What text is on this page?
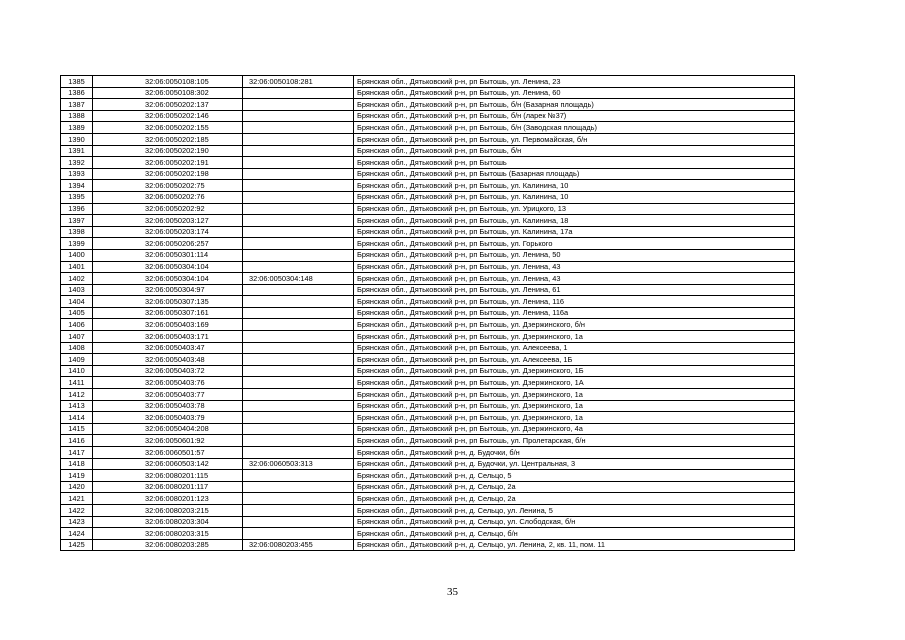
1385	32:06:0050108:105	32:06:0050108:281	Брянская обл., Дятьковский р-н, рп Бытошь, ул. Ленина, 23
1386	32:06:0050108:302		Брянская обл., Дятьковский р-н, рп Бытошь, ул. Ленина, 60
1387	32:06:0050202:137		Брянская обл., Дятьковский р-н, рп Бытошь, б/н (Базарная площадь)
1388	32:06:0050202:146		Брянская обл., Дятьковский р-н, рп Бытошь, б/н (ларек №37)
1389	32:06:0050202:155		Брянская обл., Дятьковский р-н, рп Бытошь, б/н (Заводская площадь)
1390	32:06:0050202:185		Брянская обл., Дятьковский р-н, рп Бытошь, ул. Первомайская, б/н
1391	32:06:0050202:190		Брянская обл., Дятьковский р-н, рп Бытошь, б/н
1392	32:06:0050202:191		Брянская обл., Дятьковский р-н, рп Бытошь
1393	32:06:0050202:198		Брянская обл., Дятьковский р-н, рп Бытошь (Базарная площадь)
1394	32:06:0050202:75		Брянская обл., Дятьковский р-н, рп Бытошь, ул. Калинина, 10
1395	32:06:0050202:76		Брянская обл., Дятьковский р-н, рп Бытошь, ул. Калинина, 10
1396	32:06:0050202:92		Брянская обл., Дятьковский р-н, рп Бытошь, ул. Урицкого, 13
1397	32:06:0050203:127		Брянская обл., Дятьковский р-н, рп Бытошь, ул. Калинина, 18
1398	32:06:0050203:174		Брянская обл., Дятьковский р-н, рп Бытошь, ул. Калинина, 17а
1399	32:06:0050206:257		Брянская обл., Дятьковский р-н, рп Бытошь, ул. Горького
1400	32:06:0050301:114		Брянская обл., Дятьковский р-н, рп Бытошь, ул. Ленина, 50
1401	32:06:0050304:104		Брянская обл., Дятьковский р-н, рп Бытошь, ул. Ленина, 43
1402	32:06:0050304:104	32:06:0050304:148	Брянская обл., Дятьковский р-н, рп Бытошь, ул. Ленина, 43
1403	32:06:0050304:97		Брянская обл., Дятьковский р-н, рп Бытошь, ул. Ленина, 61
1404	32:06:0050307:135		Брянская обл., Дятьковский р-н, рп Бытошь, ул. Ленина, 116
1405	32:06:0050307:161		Брянская обл., Дятьковский р-н, рп Бытошь, ул. Ленина, 116а
1406	32:06:0050403:169		Брянская обл., Дятьковский р-н, рп Бытошь, ул. Дзержинского, б/н
1407	32:06:0050403:171		Брянская обл., Дятьковский р-н, рп Бытошь, ул. Дзержинского, 1а
1408	32:06:0050403:47		Брянская обл., Дятьковский р-н, рп Бытошь, ул. Алексеева, 1
1409	32:06:0050403:48		Брянская обл., Дятьковский р-н, рп Бытошь, ул. Алексеева, 1Б
1410	32:06:0050403:72		Брянская обл., Дятьковский р-н, рп Бытошь, ул. Дзержинского, 1Б
1411	32:06:0050403:76		Брянская обл., Дятьковский р-н, рп Бытошь, ул. Дзержинского, 1А
1412	32:06:0050403:77		Брянская обл., Дятьковский р-н, рп Бытошь, ул. Дзержинского, 1а
1413	32:06:0050403:78		Брянская обл., Дятьковский р-н, рп Бытошь, ул. Дзержинского, 1а
1414	32:06:0050403:79		Брянская обл., Дятьковский р-н, рп Бытошь, ул. Дзержинского, 1а
1415	32:06:0050404:208		Брянская обл., Дятьковский р-н, рп Бытошь, ул. Дзержинского, 4а
1416	32:06:0050601:92		Брянская обл., Дятьковский р-н, рп Бытошь, ул. Пролетарская, б/н
1417	32:06:0060501:57		Брянская обл., Дятьковский р-н, д. Будочки, б/н
1418	32:06:0060503:142	32:06:0060503:313	Брянская обл., Дятьковский р-н, д. Будочки, ул. Центральная, 3
1419	32:06:0080201:115		Брянская обл., Дятьковский р-н, д. Сельцо, 5
1420	32:06:0080201:117		Брянская обл., Дятьковский р-н, д. Сельцо, 2а
1421	32:06:0080201:123		Брянская обл., Дятьковский р-н, д. Сельцо, 2а
1422	32:06:0080203:215		Брянская обл., Дятьковский р-н, д. Сельцо, ул. Ленина, 5
1423	32:06:0080203:304		Брянская обл., Дятьковский р-н, д. Сельцо, ул. Слободская, б/н
1424	32:06:0080203:315		Брянская обл., Дятьковский р-н, д. Сельцо, б/н
1425	32:06:0080203:285	32:06:0080203:455	Брянская обл., Дятьковский р-н, д. Сельцо, ул. Ленина, 2, кв. 11, пом. 11
35
